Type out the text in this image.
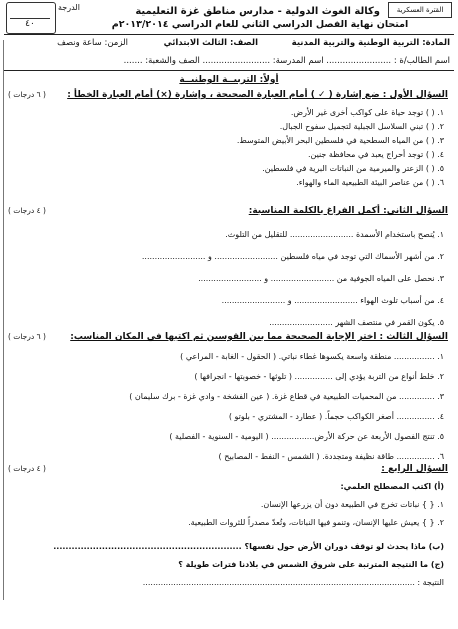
القترة العسكرية
وكالة الغوث الدولية - مدارس مناطق غزة التعليمية
امتحان نهاية الفصل الدراسي الثاني للعام الدراسي ٢٠١٣/٢٠١٤م
الدرجة
٤٠
المادة: التربية الوطنية والتربية المدنية
الصف: الثالث الابتدائي
الزمن: ساعة ونصف
اسم الطالب/ة : ........................ اسم المدرسة: ......................... الصف والشعبة: .......
أولاً: التربيــة الوطنيــة
السؤال الأول : ضع إشارة ( ✓ ) أمام العبارة الصحيحة ، وإشارة (×) أمام العبارة الخطأ :
( ٦ درجات )
١. ( ) توجد حياة على كواكب أخرى غير الأرض.
٢. ( ) تبني السلاسل الجبلية لتجميل سفوح الجبال.
٣. ( ) من المياه السطحية في فلسطين البحر الأبيض المتوسط.
٤. ( ) توجد أحراج يعبد في محافظة جنين.
٥. ( ) الزعتر والميرمية من النباتات البرية في فلسطين.
٦. ( ) من عناصر البيئة الطبيعية الماء والهواء.
السؤال الثاني: أكمل الفراغ بالكلمة المناسبة:
( ٤ درجات )
١. يُنصح باستخدام الأسمدة ......................... للتقليل من التلوث.
٢. من أشهر الأسماك التي توجد في مياه فلسطين ......................... و .........................
٣. نحصل على المياه الجوفية من ......................... و .........................
٤. من أسباب تلوث الهواء ......................... و .........................
٥. يكون القمر في منتصف الشهر .........................
السؤال الثالث : اختر الإجابة الصحيحة مما بين القوسين ثم اكتبها في المكان المناسب:
( ٦ درجات )
١. ................ منطقة واسعة يكسوها غطاء نباتي. ( الحقول - الغابة - المراعي )
٢. خلط أنواع من التربة يؤدي إلى ............... ( تلوثها - خصوبتها - انجرافها )
٣. .............. من المحميات الطبيعية في قطاع غزة. ( عين الفشخة - وادي غزة - برك سليمان )
٤. ............... أصغر الكواكب حجماً. ( عطارد - المشتري - بلوتو )
٥. تنتج الفصول الأربعة عن حركة الأرض................. ( اليومية - السنوية - الفصلية )
٦. ............... طاقة نظيفة ومتجددة. ( الشمس - النفط - المصابيح )
السؤال الرابع :
( ٤ درجات )
(أ) اكتب المصطلح العلمي:
١. { } نباتات تخرج في الطبيعة دون أن يزرعها الإنسان.
٢. { } يعيش عليها الإنسان، وتنمو فيها النباتات، وتُعدّ مصدراً للثروات الطبيعية.
(ب) ماذا يحدث لو توقف دوران الأرض حول نفسها؟ ..............................................................
(ج) ما النتيجة المترتبة على شروق الشمس في بلادنا فترات طويلة ؟
النتيجة : ...........................................................................................................
